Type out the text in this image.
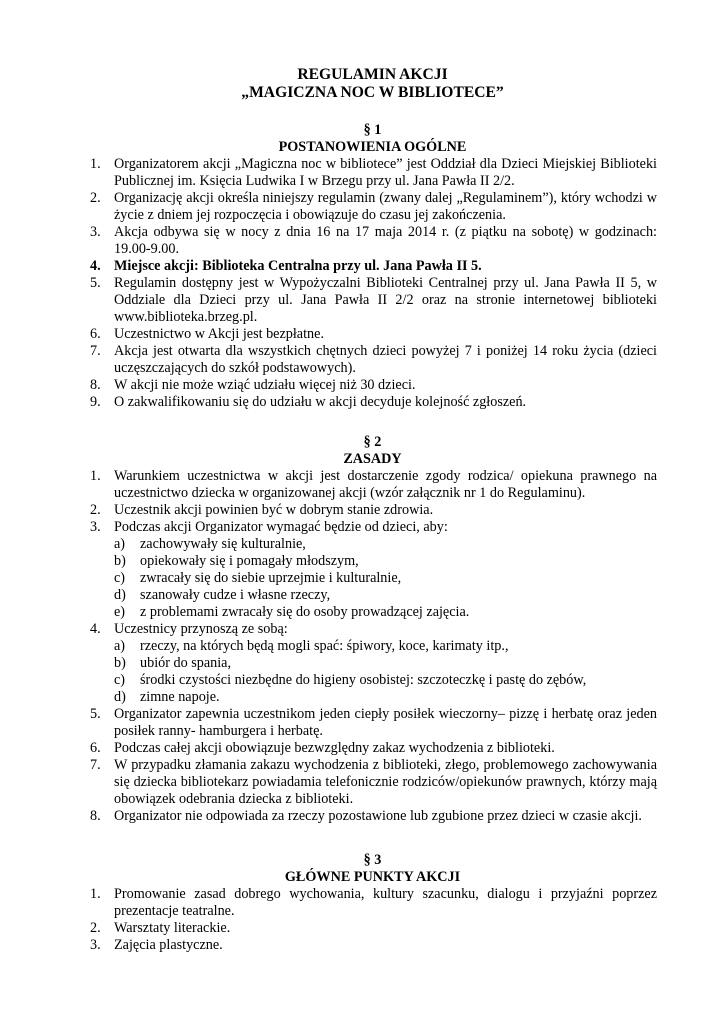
REGULAMIN AKCJI
„MAGICZNA NOC W BIBLIOTECE”
§ 1
POSTANOWIENIA OGÓLNE
1. Organizatorem akcji „Magiczna noc w bibliotece” jest Oddział dla Dzieci Miejskiej Biblioteki Publicznej im. Księcia Ludwika I w Brzegu przy ul. Jana Pawła II 2/2.
2. Organizację akcji określa niniejszy regulamin (zwany dalej „Regulaminem”), który wchodzi w życie z dniem jej rozpoczęcia i obowiązuje do czasu jej zakończenia.
3. Akcja odbywa się w nocy z dnia 16 na 17 maja 2014 r. (z piątku na sobotę) w godzinach: 19.00-9.00.
4. Miejsce akcji: Biblioteka Centralna przy ul. Jana Pawła II 5.
5. Regulamin dostępny jest w Wypożyczalni Biblioteki Centralnej przy ul. Jana Pawła II 5, w Oddziale dla Dzieci przy ul. Jana Pawła II 2/2 oraz na stronie internetowej biblioteki www.biblioteka.brzeg.pl.
6. Uczestnictwo w Akcji jest bezpłatne.
7. Akcja jest otwarta dla wszystkich chętnych dzieci powyżej 7 i poniżej 14 roku życia (dzieci uczęszczających do szkół podstawowych).
8. W akcji nie może wziąć udziału więcej niż 30 dzieci.
9. O zakwalifikowaniu się do udziału w akcji decyduje kolejność zgłoszeń.
§ 2
ZASADY
1. Warunkiem uczestnictwa w akcji jest dostarczenie zgody rodzica/ opiekuna prawnego na uczestnictwo dziecka w organizowanej akcji (wzór załącznik nr 1 do Regulaminu).
2. Uczestnik akcji powinien być w dobrym stanie zdrowia.
3. Podczas akcji Organizator wymagać będzie od dzieci, aby:
a) zachowywały się kulturalnie,
b) opiekowały się i pomagały młodszym,
c) zwracały się do siebie uprzejmie i kulturalnie,
d) szanowały cudze i własne rzeczy,
e) z problemami zwracały się do osoby prowadzącej zajęcia.
4. Uczestnicy przynoszą ze sobą:
a) rzeczy, na których będą mogli spać: śpiwory, koce, karimaty itp.,
b) ubiór do spania,
c) środki czystości niezbędne do higieny osobistej: szczoteczkę i pastę do zębów,
d) zimne napoje.
5. Organizator zapewnia uczestnikom jeden ciepły posiłek wieczorny– pizzę i herbatę oraz jeden posiłek ranny- hamburgera i herbatę.
6. Podczas całej akcji obowiązuje bezwzględny zakaz wychodzenia z biblioteki.
7. W przypadku złamania zakazu wychodzenia z biblioteki, złego, problemowego zachowywania się dziecka bibliotekarz powiadamia telefonicznie rodziców/opiekunów prawnych, którzy mają obowiązek odebrania dziecka z biblioteki.
8. Organizator nie odpowiada za rzeczy pozostawione lub zgubione przez dzieci w czasie akcji.
§ 3
GŁÓWNE PUNKTY AKCJI
1. Promowanie zasad dobrego wychowania, kultury szacunku, dialogu i przyjaźni poprzez prezentacje teatralne.
2. Warsztaty literackie.
3. Zajęcia plastyczne.
